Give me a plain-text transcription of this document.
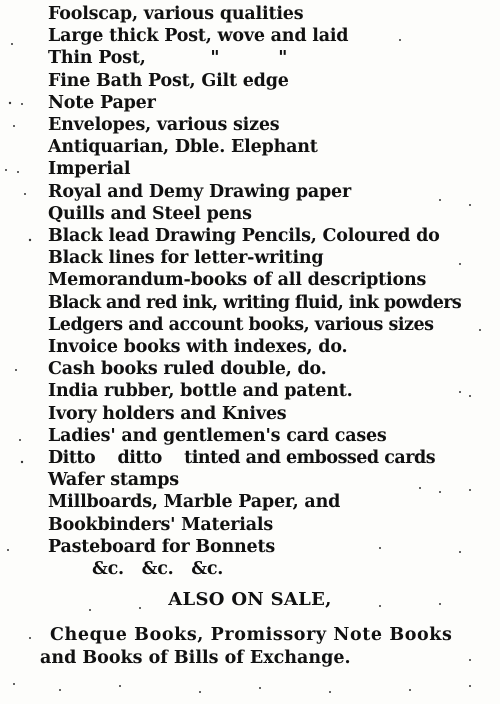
Foolscap, various qualities
Large thick Post, wove and laid
Thin Post,           "          "
Fine Bath Post, Gilt edge
Note Paper
Envelopes, various sizes
Antiquarian, Dble. Elephant
Imperial
Royal and Demy Drawing paper
Quills and Steel pens
Black lead Drawing Pencils, Coloured do
Black lines for letter-writing
Memorandum-books of all descriptions
Black and red ink, writing fluid, ink powders
Ledgers and account books, various sizes
Invoice books with indexes, do.
Cash books ruled double, do.
India rubber, bottle and patent.
Ivory holders and Knives
Ladies' and gentlemen's card cases
Ditto    ditto    tinted and embossed cards
Wafer stamps
Millboards, Marble Paper, and
Bookbinders' Materials
Pasteboard for Bonnets
&c.   &c.   &c.
ALSO ON SALE,
Cheque Books, Promissory Note Books
and Books of Bills of Exchange.
